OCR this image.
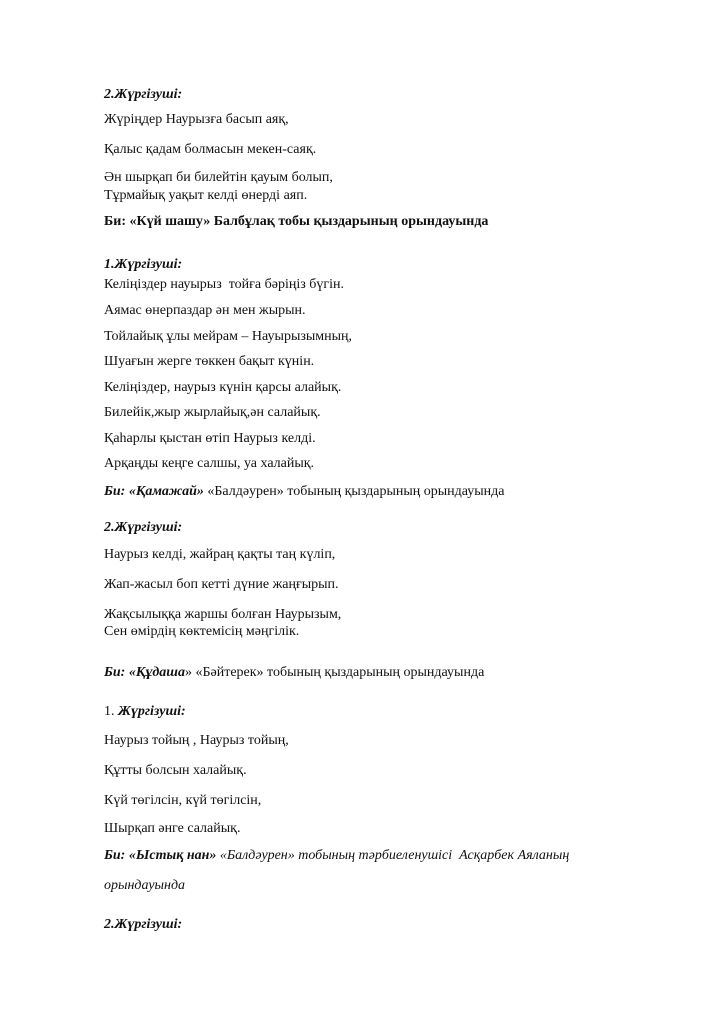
2.Жүргізуші:
Жүріңдер Наурызға басып аяқ,
Қалыс қадам болмасын мекен-саяқ.
Ән шырқап би билейтін қауым болып,
Тұрмайық уақыт келді өнерді аяп.
Би: «Күй шашу» Балбұлақ тобы қыздарының орындауында
1.Жүргізуші:
Келіңіздер науырыз  тойға бәріңіз бүгін.
Аямас өнерпаздар ән мен жырын.
Тойлайық ұлы мейрам – Науырызымның,
Шуағын жерге төккен бақыт күнін.
Келіңіздер, наурыз күнін қарсы алайық.
Билейік,жыр жырлайық,ән салайық.
Қаһарлы қыстан өтіп Наурыз келді.
Арқаңды кеңге салшы, уа халайық.
Би: «Қамажай» «Балдәурен» тобының қыздарының орындауында
2.Жүргізуші:
Наурыз келді, жайраң қақты таң күліп,
Жап-жасыл боп кетті дүние жаңғырып.
Жақсылыққа жаршы болған Наурызым,
Сен өмірдің көктемісің мәңгілік.
Би: «Құдаша» «Бәйтерек» тобының қыздарының орындауында
1. Жүргізуші:
Наурыз тойың , Наурыз тойың,
Құтты болсын халайық.
Күй төгілсін, күй төгілсін,
Шырқап әнге салайық.
Би: «Ыстық нан» «Балдәурен» тобының тәрбиеленушісі  Асқарбек Аяланың
орындауында
2.Жүргізуші:
